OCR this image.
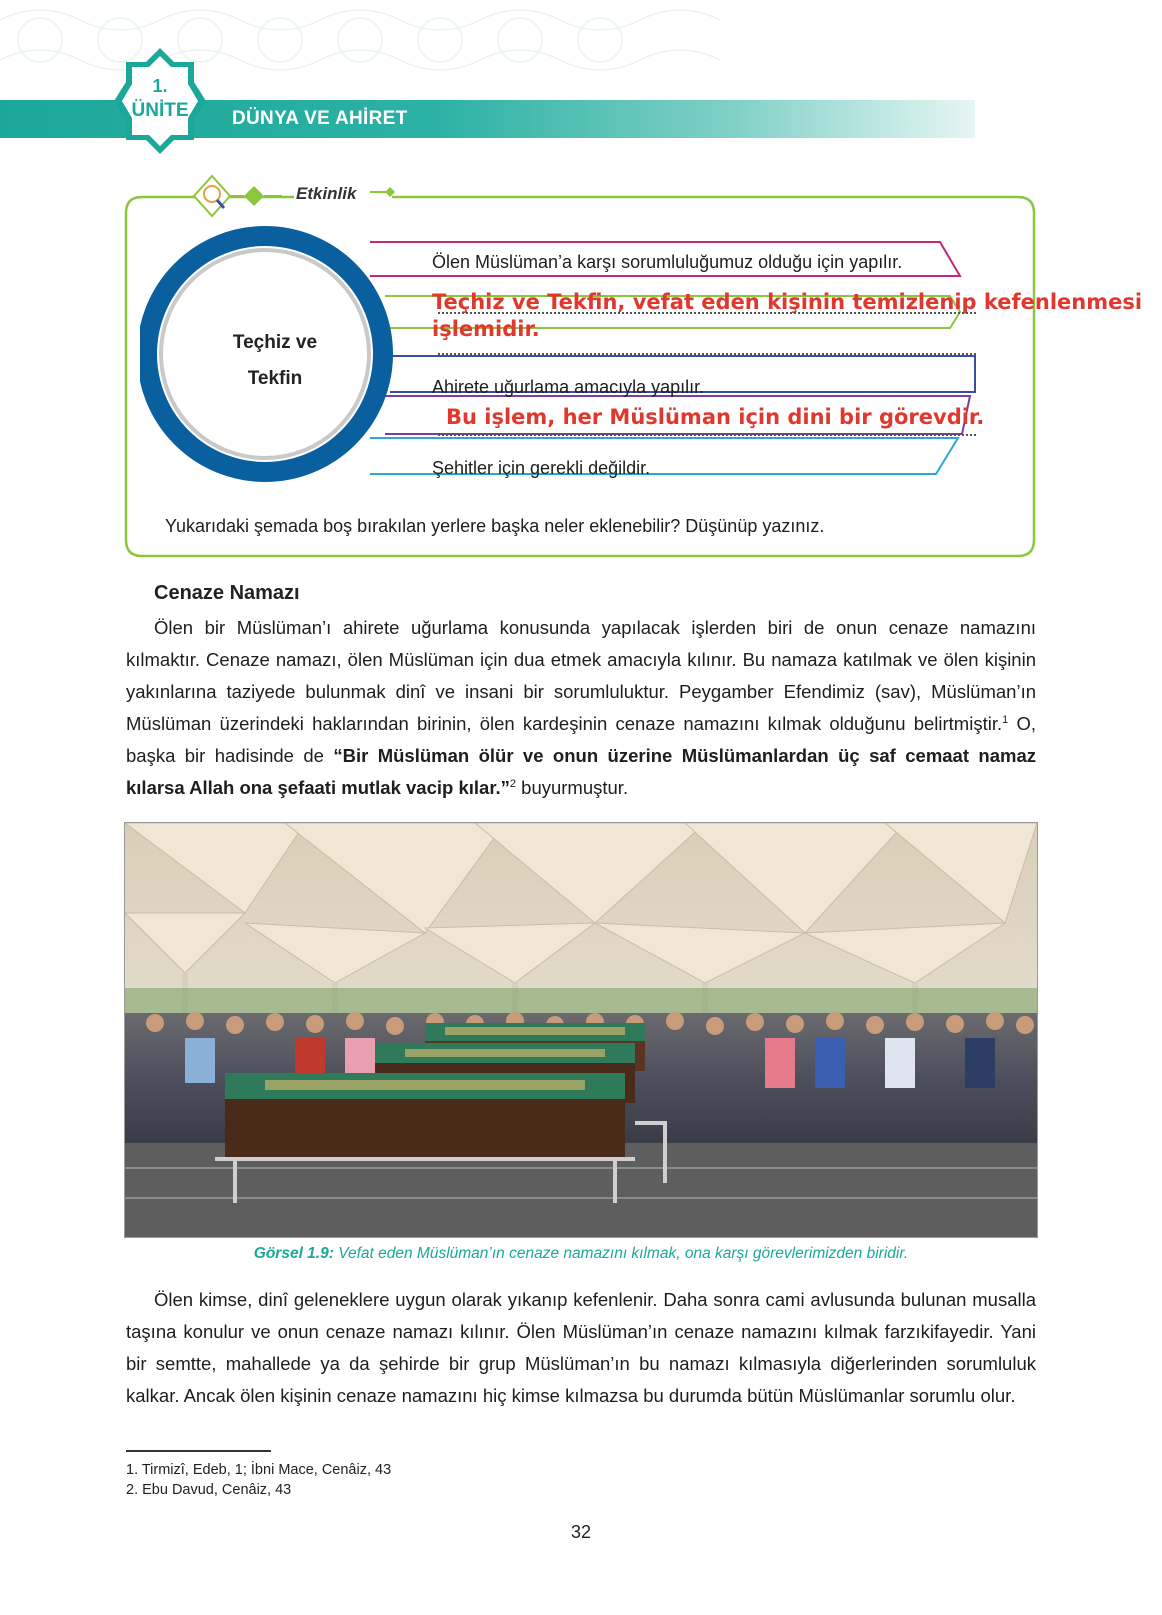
1.
ÜNİTE	DÜNYA VE AHİRET
Etkinlik
Teçhiz ve
Tekfin
Ölen Müslüman’a karşı sorumluluğumuz olduğu için yapılır.
Teçhiz ve Tekfin, vefat eden kişinin temizlenip kefenlenmesi
işlemidir.
Ahirete uğurlama amacıyla yapılır.
Bu işlem, her Müslüman için dini bir görevdir.
Şehitler için gerekli değildir.
Yukarıdaki şemada boş bırakılan yerlere başka neler eklenebilir? Düşünüp yazınız.
Cenaze Namazı

Ölen bir Müslüman’ı ahirete uğurlama konusunda yapılacak işlerden biri de onun cenaze namazını kılmaktır. Cenaze namazı, ölen Müslüman için dua etmek amacıyla kılınır. Bu namaza katılmak ve ölen kişinin yakınlarına taziyede bulunmak dinî ve insani bir sorumluluktur. Peygamber Efendimiz (sav), Müslüman’ın Müslüman üzerindeki haklarından birinin, ölen kardeşinin cenaze namazını kılmak olduğunu belirtmiştir.$^1$ O, başka bir hadisinde de “Bir Müslüman ölür ve onun üzerine Müslümanlardan üç saf cemaat namaz kılarsa Allah ona şefaati mutlak vacip kılar.”$^2$ buyurmuştur.

Görsel 1.9: Vefat eden Müslüman’ın cenaze namazını kılmak, ona karşı görevlerimizden biridir.

Ölen kimse, dinî geleneklere uygun olarak yıkanıp kefenlenir. Daha sonra cami avlusunda bulunan musalla taşına konulur ve onun cenaze namazı kılınır. Ölen Müslüman’ın cenaze namazını kılmak farzıkifayedir. Yani bir semtte, mahallede ya da şehirde bir grup Müslüman’ın bu namazı kılmasıyla diğerlerinden sorumluluk kalkar. Ancak ölen kişinin cenaze namazını hiç kimse kılmazsa bu durumda bütün Müslümanlar sorumlu olur.

1. Tirmizî, Edeb, 1; İbni Mace, Cenâiz, 43
2. Ebu Davud, Cenâiz, 43
32
